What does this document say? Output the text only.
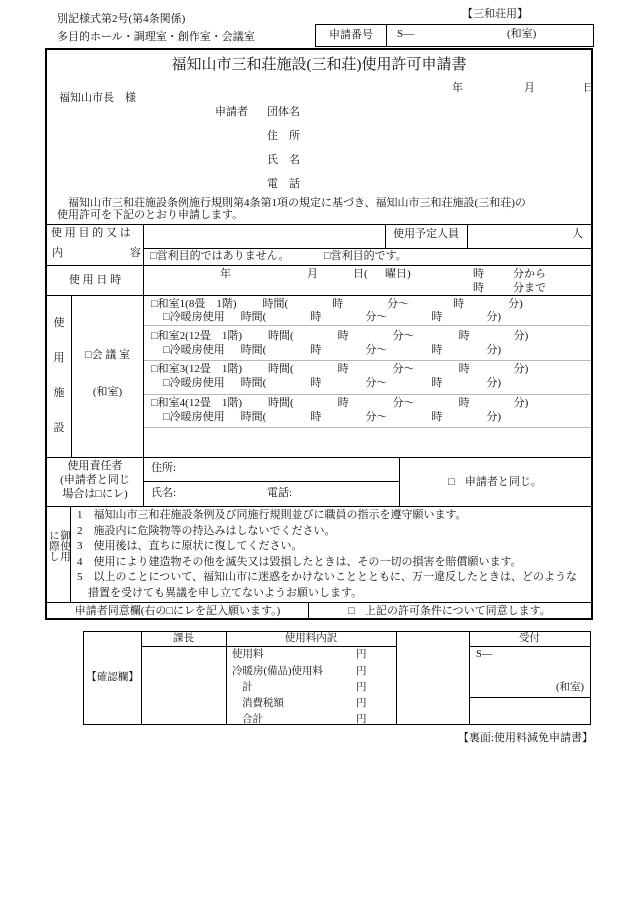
別記様式第2号(第4条関係)	【三和荘用】
多目的ホール・調理室・創作室・会議室	申請番号	S―	(和室)
福知山市三和荘施設(三和荘)使用許可申請書
年	月	日
福知山市長　様
申請者 団体名
住　所
氏　名
電　話
　福知山市三和荘施設条例施行規則第4条第1項の規定に基づき、福知山市三和荘施設(三和荘)の
使用許可を下記のとおり申請します。
使 用 目 的 又 は
内	容
使用予定人員	人
□営利目的ではありません。	□営利目的です。
使 用 日 時	年	月	日( 曜日)	時	分から
時	分まで
使
用
施
設
□会 議 室
(和室)
□和室1(8畳　1階) 時間(　　　　時　　　　分～　　　　時　　　　分)
□冷暖房使用 時間(　　　　時　　　　分～　　　　時　　　　分)
□和室2(12畳　1階) 時間(　　　　時　　　　分～　　　　時　　　　分)
□冷暖房使用 時間(　　　　時　　　　分～　　　　時　　　　分)
□和室3(12畳　1階) 時間(　　　　時　　　　分～　　　　時　　　　分)
□冷暖房使用 時間(　　　　時　　　　分～　　　　時　　　　分)
□和室4(12畳　1階) 時間(　　　　時　　　　分～　　　　時　　　　分)
□冷暖房使用 時間(　　　　時　　　　分～　　　　時　　　　分)
使用責任者
(申請者と同じ
場合は□にレ)
住所:
氏名:	電話:
□ 申請者と同じ。
御使用に際し
1　福知山市三和荘施設条例及び同施行規則並びに職員の指示を遵守願います。
2　施設内に危険物等の持込みはしないでください。
3　使用後は、直ちに原状に復してください。
4　使用により建造物その他を滅失又は毀損したときは、その一切の損害を賠償願います。
5　以上のことについて、福知山市に迷惑をかけないこととともに、万一違反したときは、どのような
　措置を受けても異議を申し立てないようお願いします。
申請者同意欄(右の□にレを記入願います。)	□ 上記の許可条件について同意します。
【確認欄】
課長	使用料内訳
使用料	円
冷暖房(備品)使用料	円
計	円
消費税額	円
合計	円
受付
S―
(和室)
【裏面:使用料減免申請書】
